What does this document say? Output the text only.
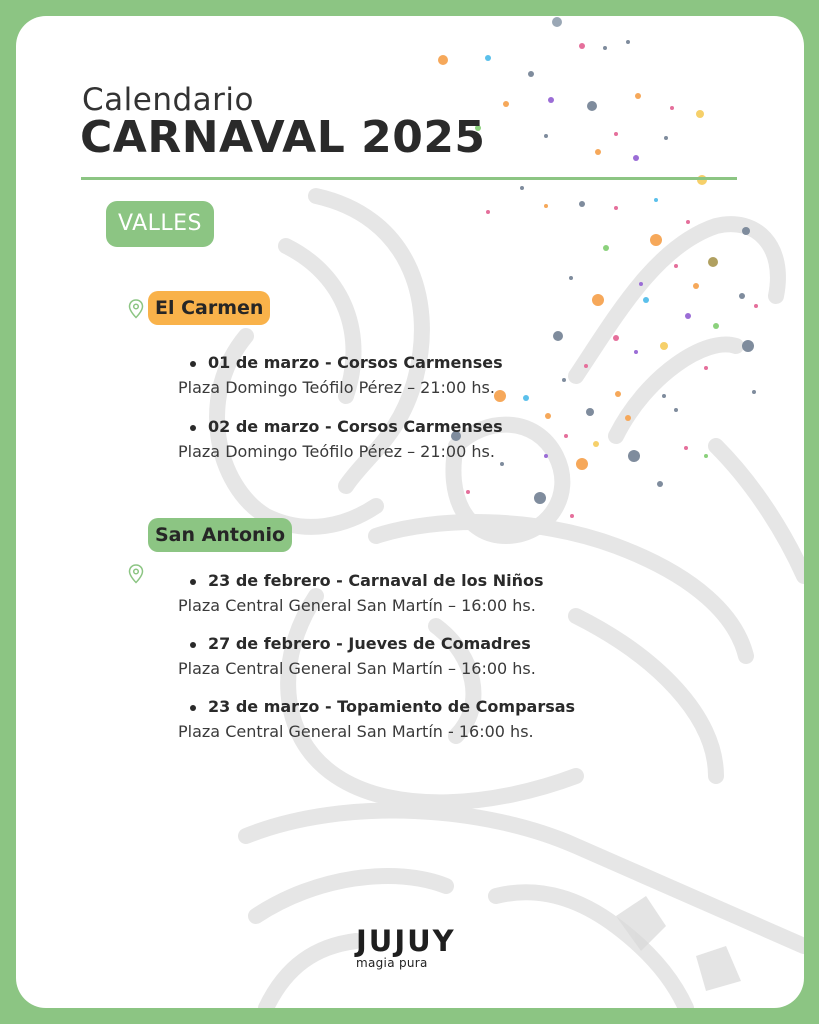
Calendario
CARNAVAL 2025
VALLES
El Carmen
01 de marzo - Corsos Carmenses
Plaza Domingo Teófilo Pérez – 21:00 hs.
02 de marzo - Corsos Carmenses
Plaza Domingo Teófilo Pérez – 21:00 hs.
San Antonio
23 de febrero - Carnaval de los Niños
Plaza Central General San Martín – 16:00 hs.
27 de febrero - Jueves de Comadres
Plaza Central General San Martín – 16:00 hs.
23 de marzo - Topamiento de Comparsas
Plaza Central General San Martín - 16:00 hs.
JUJUY
magia pura
